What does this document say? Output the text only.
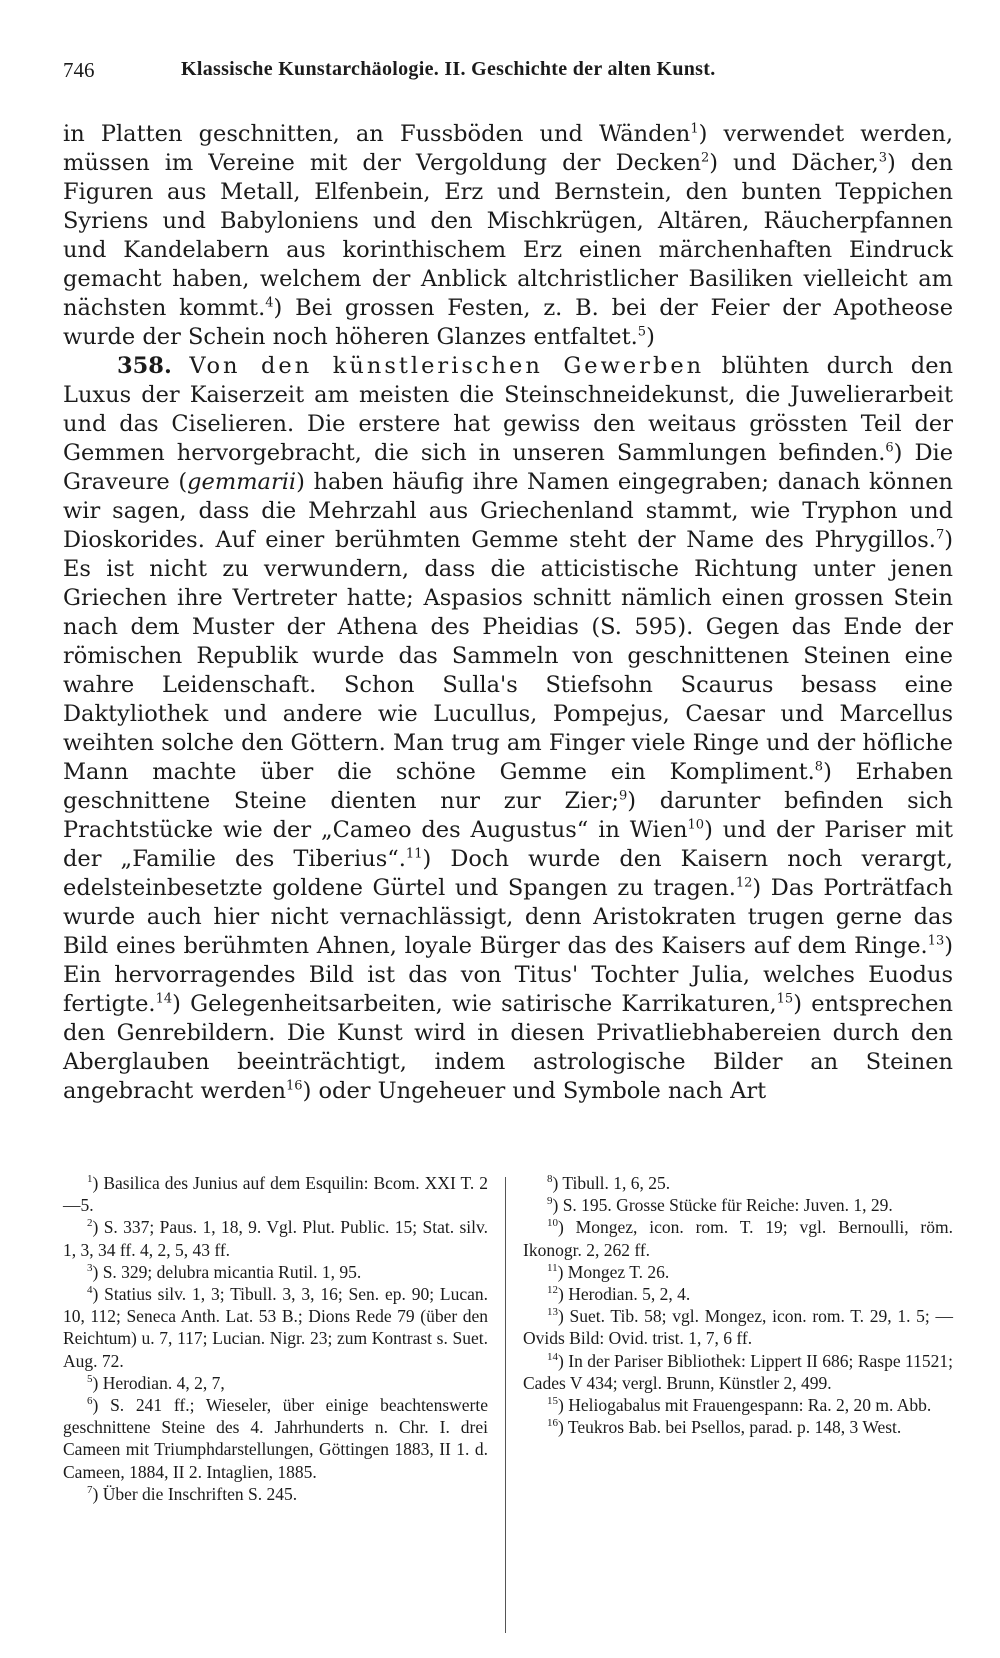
746	Klassische Kunstarchäologie. II. Geschichte der alten Kunst.

in Platten geschnitten, an Fussböden und Wänden$^1$) verwendet werden, müssen im Vereine mit der Vergoldung der Decken$^2$) und Dächer,$^3$) den Figuren aus Metall, Elfenbein, Erz und Bernstein, den bunten Teppichen Syriens und Babyloniens und den Mischkrügen, Altären, Räucherpfannen und Kandelabern aus korinthischem Erz einen märchenhaften Eindruck gemacht haben, welchem der Anblick altchristlicher Basiliken vielleicht am nächsten kommt.$^4$) Bei grossen Festen, z. B. bei der Feier der Apotheose wurde der Schein noch höheren Glanzes entfaltet.$^5$)

358. Von den künstlerischen Gewerben blühten durch den Luxus der Kaiserzeit am meisten die Steinschneidekunst, die Juwelierarbeit und das Ciselieren. Die erstere hat gewiss den weitaus grössten Teil der Gemmen hervorgebracht, die sich in unseren Sammlungen befinden.$^6$) Die Graveure (gemmarii) haben häufig ihre Namen eingegraben; danach können wir sagen, dass die Mehrzahl aus Griechenland stammt, wie Tryphon und Dioskorides. Auf einer berühmten Gemme steht der Name des Phrygillos.$^7$) Es ist nicht zu verwundern, dass die atticistische Richtung unter jenen Griechen ihre Vertreter hatte; Aspasios schnitt nämlich einen grossen Stein nach dem Muster der Athena des Pheidias (S. 595). Gegen das Ende der römischen Republik wurde das Sammeln von geschnittenen Steinen eine wahre Leidenschaft. Schon Sulla's Stiefsohn Scaurus besass eine Daktyliothek und andere wie Lucullus, Pompejus, Caesar und Marcellus weihten solche den Göttern. Man trug am Finger viele Ringe und der höfliche Mann machte über die schöne Gemme ein Kompliment.$^8$) Erhaben geschnittene Steine dienten nur zur Zier;$^9$) darunter befinden sich Prachtstücke wie der „Cameo des Augustus“ in Wien$^{10}$) und der Pariser mit der „Familie des Tiberius“.$^{11}$) Doch wurde den Kaisern noch verargt, edelsteinbesetzte goldene Gürtel und Spangen zu tragen.$^{12}$) Das Porträtfach wurde auch hier nicht vernachlässigt, denn Aristokraten trugen gerne das Bild eines berühmten Ahnen, loyale Bürger das des Kaisers auf dem Ringe.$^{13}$) Ein hervorragendes Bild ist das von Titus' Tochter Julia, welches Euodus fertigte.$^{14}$) Gelegenheitsarbeiten, wie satirische Karrikaturen,$^{15}$) entsprechen den Genrebildern. Die Kunst wird in diesen Privatliebhabereien durch den Aberglauben beeinträchtigt, indem astrologische Bilder an Steinen angebracht werden$^{16}$) oder Ungeheuer und Symbole nach Art

$^1$) Basilica des Junius auf dem Esquilin: Bcom. XXI T. 2—5.

$^2$) S. 337; Paus. 1, 18, 9. Vgl. Plut. Public. 15; Stat. silv. 1, 3, 34 ff. 4, 2, 5, 43 ff.

$^3$) S. 329; delubra micantia Rutil. 1, 95.

$^4$) Statius silv. 1, 3; Tibull. 3, 3, 16; Sen. ep. 90; Lucan. 10, 112; Seneca Anth. Lat. 53 B.; Dions Rede 79 (über den Reichtum) u. 7, 117; Lucian. Nigr. 23; zum Kontrast s. Suet. Aug. 72.

$^5$) Herodian. 4, 2, 7,

$^6$) S. 241 ff.; Wieseler, über einige beachtenswerte geschnittene Steine des 4. Jahrhunderts n. Chr. I. drei Cameen mit Triumphdarstellungen, Göttingen 1883, II 1. d. Cameen, 1884, II 2. Intaglien, 1885.

$^7$) Über die Inschriften S. 245.

$^8$) Tibull. 1, 6, 25.

$^9$) S. 195. Grosse Stücke für Reiche: Juven. 1, 29.

$^{10}$) Mongez, icon. rom. T. 19; vgl. Bernoulli, röm. Ikonogr. 2, 262 ff.

$^{11}$) Mongez T. 26.

$^{12}$) Herodian. 5, 2, 4.

$^{13}$) Suet. Tib. 58; vgl. Mongez, icon. rom. T. 29, 1. 5; — Ovids Bild: Ovid. trist. 1, 7, 6 ff.

$^{14}$) In der Pariser Bibliothek: Lippert II 686; Raspe 11521; Cades V 434; vergl. Brunn, Künstler 2, 499.

$^{15}$) Heliogabalus mit Frauengespann: Ra. 2, 20 m. Abb.

$^{16}$) Teukros Bab. bei Psellos, parad. p. 148, 3 West.
